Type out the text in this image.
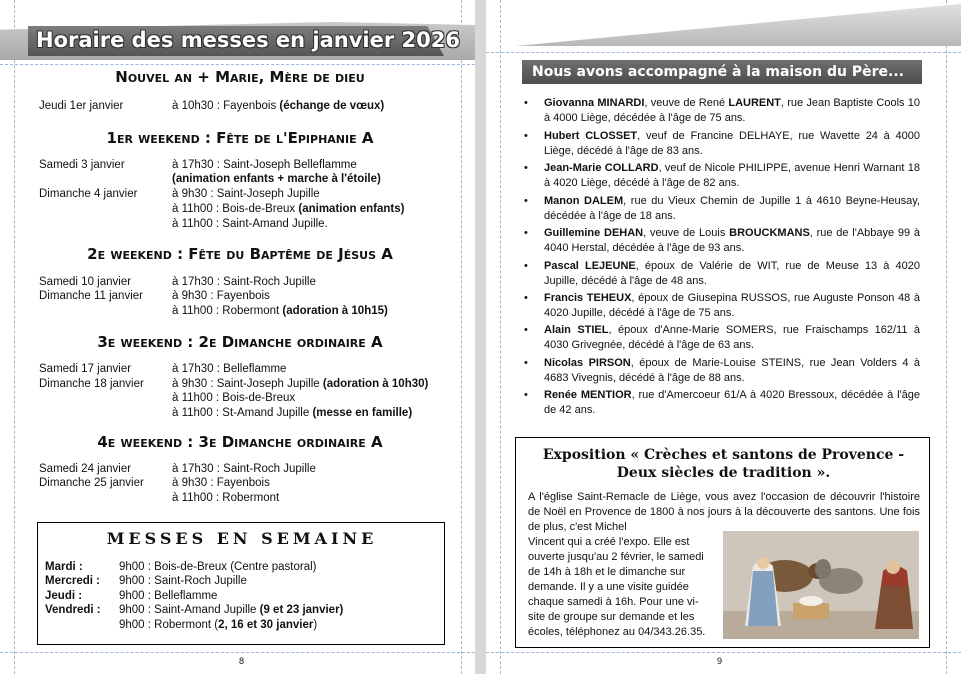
Horaire des messes en janvier 2026
Nouvel an + Marie, Mère de dieu
Jeudi 1er janvier	à 10h30 : Fayenbois (échange de vœux)
1er weekend : Fête de l'Epiphanie A
Samedi 3 janvier	à 17h30 : Saint-Joseph Belleflamme
(animation enfants + marche à l'étoile)
Dimanche 4 janvier	à 9h30 : Saint-Joseph Jupille
à 11h00 : Bois-de-Breux (animation enfants)
à 11h00 : Saint-Amand Jupille.
2e weekend : Fête du Baptême de Jésus A
Samedi 10 janvier	à 17h30 : Saint-Roch Jupille
Dimanche 11 janvier	à 9h30 : Fayenbois
à 11h00 : Robermont (adoration à 10h15)
3e weekend : 2e Dimanche ordinaire A
Samedi 17 janvier	à 17h30 : Belleflamme
Dimanche 18 janvier à 9h30 : Saint-Joseph Jupille (adoration à 10h30)
à 11h00 : Bois-de-Breux
à 11h00 : St-Amand Jupille (messe en famille)
4e weekend : 3e Dimanche ordinaire A
Samedi 24 janvier	à 17h30 : Saint-Roch Jupille
Dimanche 25 janvier à 9h30 : Fayenbois
à 11h00 : Robermont
MESSES EN SEMAINE
Mardi :	9h00 : Bois-de-Breux (Centre pastoral)
Mercredi : 9h00 : Saint-Roch Jupille
Jeudi :	9h00 : Belleflamme
Vendredi : 9h00 : Saint-Amand Jupille (9 et 23 janvier)
9h00 : Robermont (2, 16 et 30 janvier)
8	9
Nous avons accompagné à la maison du Père...
• Giovanna MINARDI, veuve de René LAURENT, rue Jean Baptiste Cools 10 à 4000 Liège, décédée à l'âge de 75 ans.
• Hubert CLOSSET, veuf de Francine DELHAYE, rue Wavette 24 à 4000 Liège, décédé à l'âge de 83 ans.
• Jean-Marie COLLARD, veuf de Nicole PHILIPPE, avenue Henri Warnant 18 à 4020 Liège, décédé à l'âge de 82 ans.
• Manon DALEM, rue du Vieux Chemin de Jupille 1 à 4610 Beyne-Heusay, décédée à l'âge de 18 ans.
• Guillemine DEHAN, veuve de Louis BROUCKMANS, rue de l'Abbaye 99 à 4040 Herstal, décédée à l'âge de 93 ans.
• Pascal LEJEUNE, époux de Valérie de WIT, rue de Meuse 13 à 4020 Jupille, décédé à l'âge de 48 ans.
• Francis TEHEUX, époux de Giusepina RUSSOS, rue Auguste Ponson 48 à 4020 Jupille, décédé à l'âge de 75 ans.
• Alain STIEL, époux d'Anne-Marie SOMERS, rue Fraischamps 162/11 à 4030 Grivegnée, décédé à l'âge de 63 ans.
• Nicolas PIRSON, époux de Marie-Louise STEINS, rue Jean Volders 4 à 4683 Vivegnis, décédé à l'âge de 88 ans.
• Renée MENTIOR, rue d'Amercoeur 61/A à 4020 Bressoux, décédée à l'âge de 42 ans.
Exposition « Crèches et santons de Provence -
Deux siècles de tradition ».
A l'église Saint-Remacle de Liège, vous avez l'occasion de découvrir l'histoire de Noël en Provence de 1800 à nos jours à la découverte des santons. Une fois de plus, c'est Michel
Vincent qui a créé l'expo. Elle est
ouverte jusqu'au 2 février, le samedi
de 14h à 18h et le dimanche sur
demande. Il y a une visite guidée
chaque samedi à 16h. Pour une vi-
site de groupe sur demande et les
écoles, téléphonez au 04/343.26.35.
